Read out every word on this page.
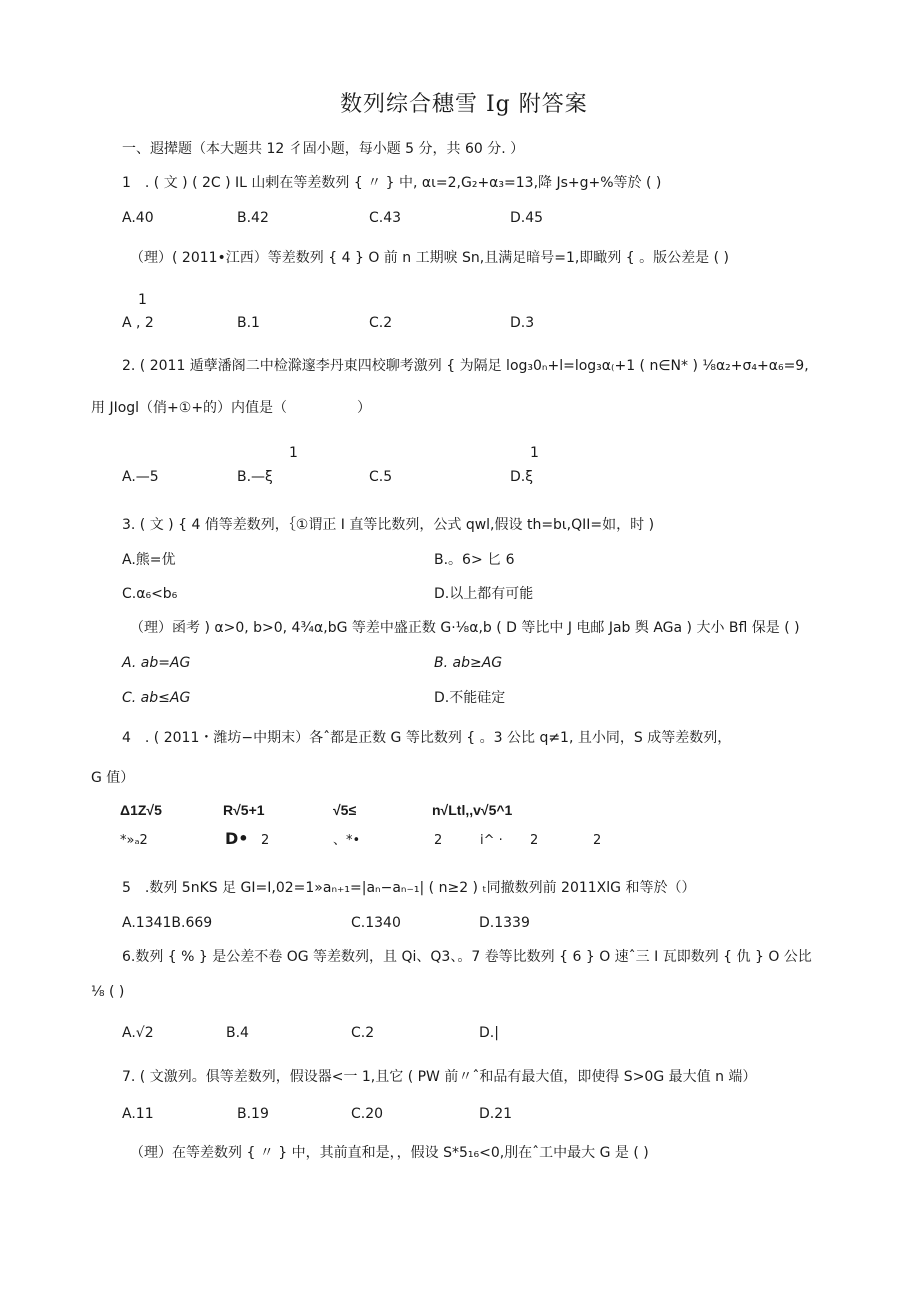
数列综合穗雪 Ig 附答案
一、遐撵题（本大题共 12 彳固小题，每小题 5 分，共 60 分. ）
1　. ( 文 ) ( 2C ) IL 山剌在等差数列 { 〃 } 中, αι=2,G₂+α₃=13,降 Js+g+%等於 ( )
A.40	B.42	C.43	D.45
（理）( 2011•江西）等差数列 { 4 } O 前 n 工期唳 Sn,且满足暗号=1,即瞰列 { 。版公差是 ( )
1
A , 2	B.1	C.2	D.3
2. ( 2011 遁孽潘阁二中检滁邃李丹東四校聊考激列 { 为隔足 log₃0ₙ+l=log₃α₍+1 ( n∈N* ) ⅛α₂+σ₄+α₆=9,
用 JIogl（俏+①+的）内值是（　　　　　）
1	1
A.—5	B.—ξ	C.5	D.ξ
3. ( 文 ) { 4 俏等差数列，｛①谓正 I 直等比数列，公式 qwl,假设 th=bι,QII=如，时 )
A.熊=优	B.。6> 匕 6
C.α₆<b₆	D.以上都有可能
（理）函考 ) α>0, b>0, 4¾α,bG 等差中盛正数 G·⅛α,b ( D 等比中 J 电邮 Jab 舆 AGa ) 大小 Bfl 保是 ( )
A. ab=AG	B. ab≥AG
C. ab≤AG	D.不能硅定
4　. ( 2011・潍坊−中期末）各ˆ都是正数 G 等比数列 { 。3 公比 q≠1, 且小同，S 成等差数列，
G 值）
Δ1Z√5	R√5+1	√5≤	n√Ltl,,v√5^1
*»ₐ2	D• 2	、*•	2	i^ · 2	2
5　.数列 5nKS 足 GI=I,02=1»aₙ₊₁=|aₙ−aₙ₋₁| ( n≥2 ) ₜ同撤数列前 2011XlG 和等於（）
A.1341B.669	C.1340	D.1339
6.数列 { % } 是公差不卷 OG 等差数列，且 Qi、Q3、。7 卷等比数列 { 6 } O 速ˆ三 I 瓦即数列 { 仇 } O 公比
⅛ ( )
A.√2	B.4	C.2	D.|
7. ( 文激列。俱等差数列，假设器<一 1,且它 ( PW 前〃ˆ和品有最大值，即使得 S>0G 最大值 n 端）
A.11	B.19	C.20	D.21
（理）在等差数列 { 〃 } 中，其前直和是，，假设 S*5₁₆<0,刖在ˆ工中最大 G 是 ( )
